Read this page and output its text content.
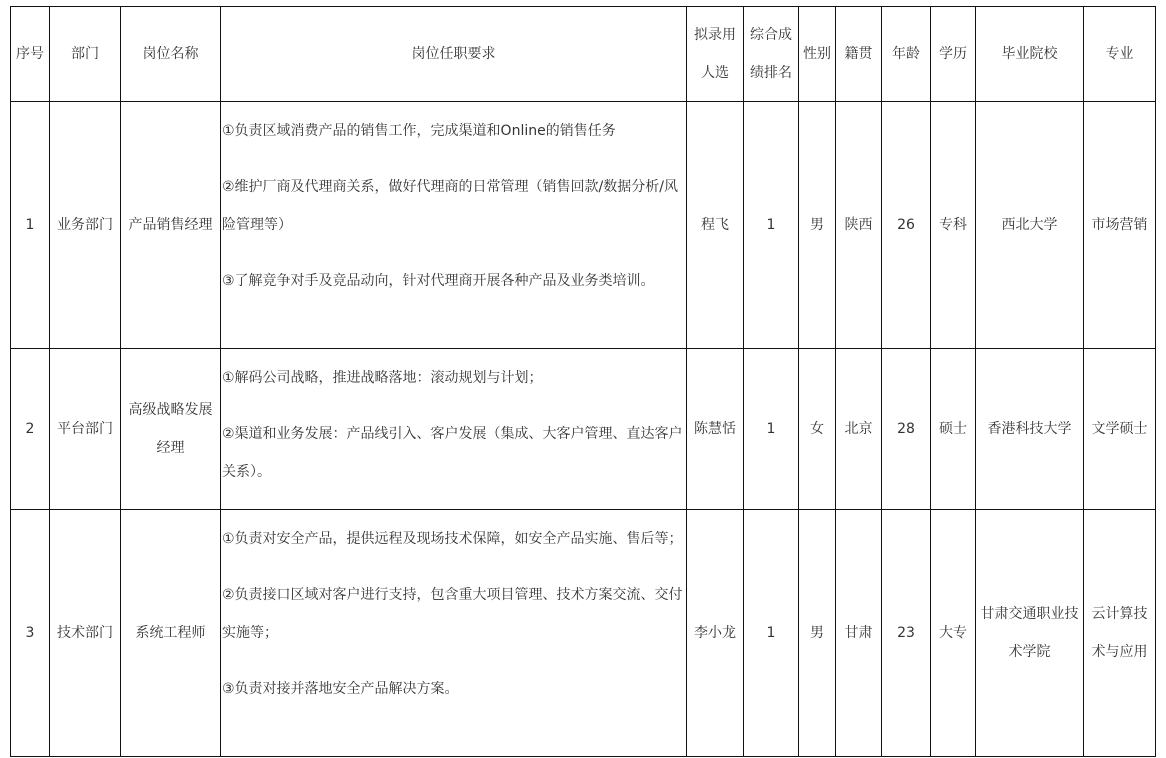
序号	部门	岗位名称	岗位任职要求	拟录用人选	综合成绩排名	性别	籍贯	年龄	学历	毕业院校	专业
1	业务部门	产品销售经理	①负责区域消费产品的销售工作，完成渠道和Online的销售任务

②维护厂商及代理商关系，做好代理商的日常管理（销售回款/数据分析/风险管理等）

③了解竞争对手及竞品动向，针对代理商开展各种产品及业务类培训。	程飞	1	男	陕西	26	专科	西北大学	市场营销
2	平台部门	高级战略发展经理	①解码公司战略，推进战略落地：滚动规划与计划；

②渠道和业务发展：产品线引入、客户发展（集成、大客户管理、直达客户关系）。	陈慧恬	1	女	北京	28	硕士	香港科技大学	文学硕士
3	技术部门	系统工程师	①负责对安全产品，提供远程及现场技术保障，如安全产品实施、售后等；

②负责接口区域对客户进行支持，包含重大项目管理、技术方案交流、交付实施等；

③负责对接并落地安全产品解决方案。	李小龙	1	男	甘肃	23	大专	甘肃交通职业技术学院	云计算技术与应用
